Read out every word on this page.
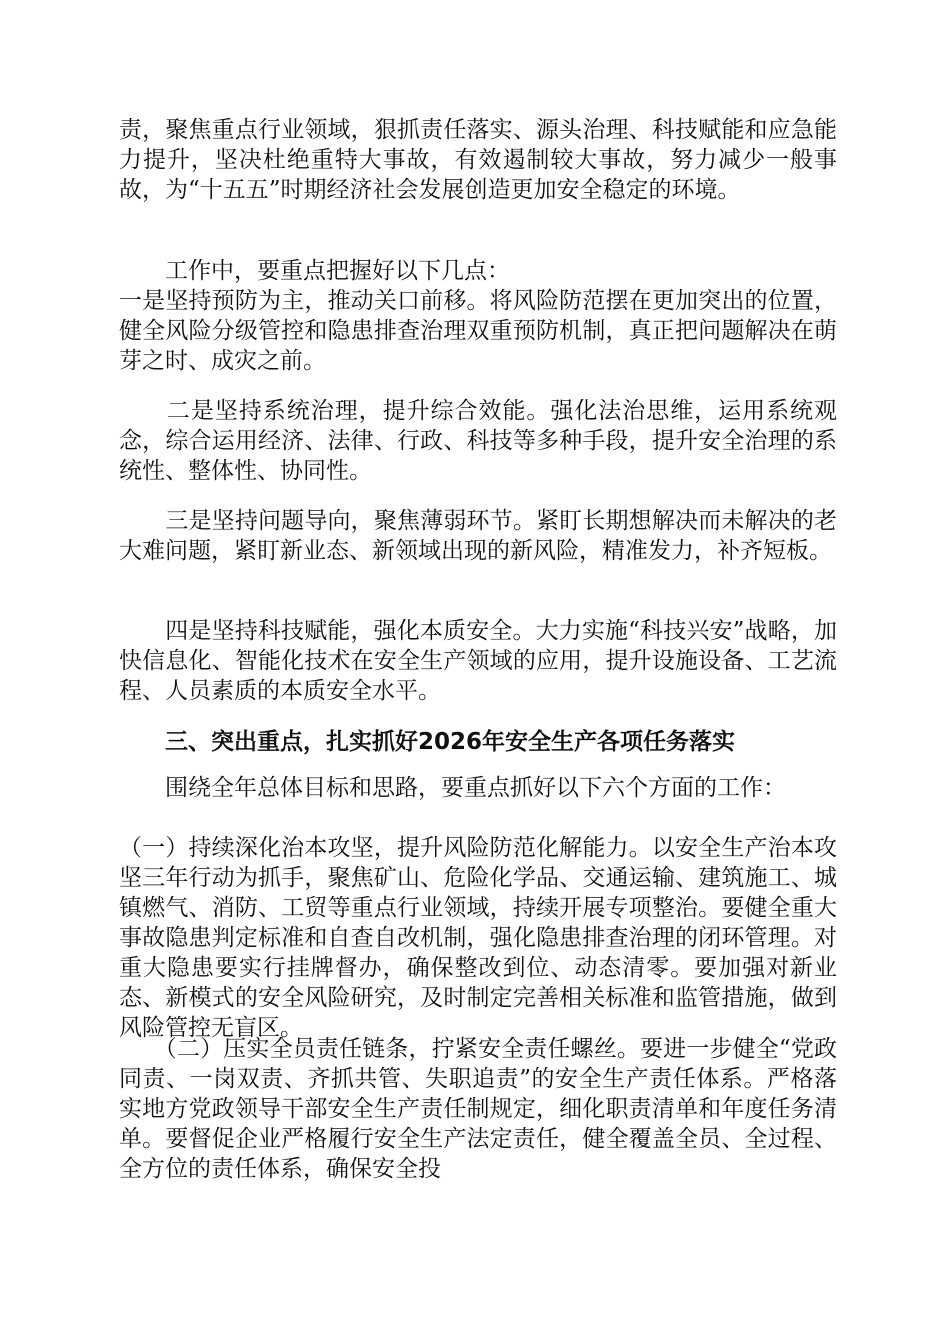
责，聚焦重点行业领域，狠抓责任落实、源头治理、科技赋能和应急能力提升，坚决杜绝重特大事故，有效遏制较大事故，努力减少一般事故，为“十五五”时期经济社会发展创造更加安全稳定的环境。

　　工作中，要重点把握好以下几点：

一是坚持预防为主，推动关口前移。将风险防范摆在更加突出的位置，健全风险分级管控和隐患排查治理双重预防机制，真正把问题解决在萌芽之时、成灾之前。

　　二是坚持系统治理，提升综合效能。强化法治思维，运用系统观念，综合运用经济、法律、行政、科技等多种手段，提升安全治理的系统性、整体性、协同性。

　　三是坚持问题导向，聚焦薄弱环节。紧盯长期想解决而未解决的老大难问题，紧盯新业态、新领域出现的新风险，精准发力，补齐短板。

　　四是坚持科技赋能，强化本质安全。大力实施“科技兴安”战略，加快信息化、智能化技术在安全生产领域的应用，提升设施设备、工艺流程、人员素质的本质安全水平。

　　三、突出重点，扎实抓好2026年安全生产各项任务落实

　　围绕全年总体目标和思路，要重点抓好以下六个方面的工作：

（一）持续深化治本攻坚，提升风险防范化解能力。以安全生产治本攻坚三年行动为抓手，聚焦矿山、危险化学品、交通运输、建筑施工、城镇燃气、消防、工贸等重点行业领域，持续开展专项整治。要健全重大事故隐患判定标准和自查自改机制，强化隐患排查治理的闭环管理。对重大隐患要实行挂牌督办，确保整改到位、动态清零。要加强对新业态、新模式的安全风险研究，及时制定完善相关标准和监管措施，做到风险管控无盲区。

　　（二）压实全员责任链条，拧紧安全责任螺丝。要进一步健全“党政同责、一岗双责、齐抓共管、失职追责”的安全生产责任体系。严格落实地方党政领导干部安全生产责任制规定，细化职责清单和年度任务清单。要督促企业严格履行安全生产法定责任，健全覆盖全员、全过程、全方位的责任体系，确保安全投
